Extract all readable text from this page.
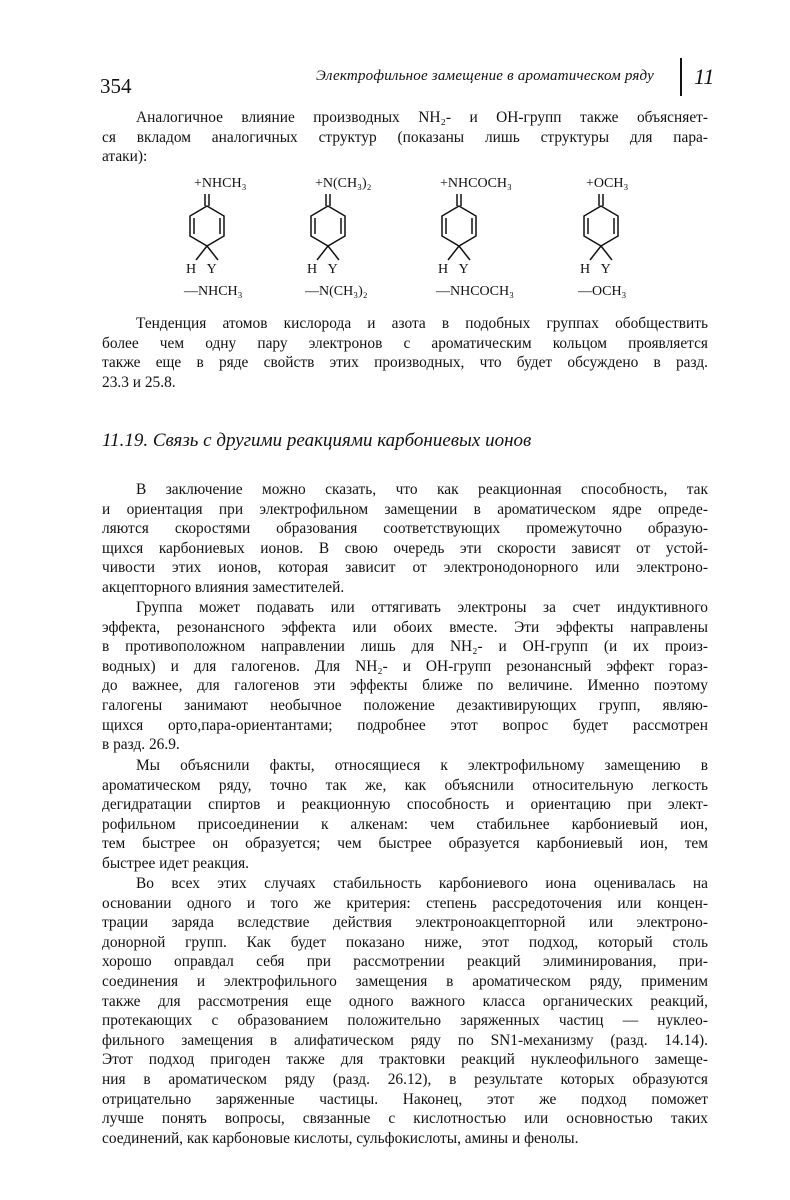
354	Электрофильное замещение в ароматическом ряду 11

Аналогичное влияние производных NH₂- и OH-групп также объясняет-
ся вкладом аналогичных структур (показаны лишь структуры для пара-
атаки):

+NHCH₃
H Y
—NHCH₃
+N(CH₃)₂
H Y
—N(CH₃)₂
+NHCOCH₃
H Y
—NHCOCH₃
+OCH₃
H Y
—OCH₃

Тенденция атомов кислорода и азота в подобных группах обобществить
более чем одну пару электронов с ароматическим кольцом проявляется
также еще в ряде свойств этих производных, что будет обсуждено в разд.
23.3 и 25.8.

11.19. Связь с другими реакциями карбониевых ионов

В заключение можно сказать, что как реакционная способность, так
и ориентация при электрофильном замещении в ароматическом ядре опреде-
ляются скоростями образования соответствующих промежуточно образую-
щихся карбониевых ионов. В свою очередь эти скорости зависят от устой-
чивости этих ионов, которая зависит от электронодонорного или электроно-
акцепторного влияния заместителей.

Группа может подавать или оттягивать электроны за счет индуктивного
эффекта, резонансного эффекта или обоих вместе. Эти эффекты направлены
в противоположном направлении лишь для NH₂- и OH-групп (и их произ-
водных) и для галогенов. Для NH₂- и OH-групп резонансный эффект гораз-
до важнее, для галогенов эти эффекты ближе по величине. Именно поэтому
галогены занимают необычное положение дезактивирующих групп, являю-
щихся орто,пара-ориентантами; подробнее этот вопрос будет рассмотрен
в разд. 26.9.

Мы объяснили факты, относящиеся к электрофильному замещению в
ароматическом ряду, точно так же, как объяснили относительную легкость
дегидратации спиртов и реакционную способность и ориентацию при элект-
рофильном присоединении к алкенам: чем стабильнее карбониевый ион,
тем быстрее он образуется; чем быстрее образуется карбониевый ион, тем
быстрее идет реакция.

Во всех этих случаях стабильность карбониевого иона оценивалась на
основании одного и того же критерия: степень рассредоточения или концен-
трации заряда вследствие действия электроноакцепторной или электроно-
донорной групп. Как будет показано ниже, этот подход, который столь
хорошо оправдал себя при рассмотрении реакций элиминирования, при-
соединения и электрофильного замещения в ароматическом ряду, применим
также для рассмотрения еще одного важного класса органических реакций,
протекающих с образованием положительно заряженных частиц — нуклео-
фильного замещения в алифатическом ряду по SN1-механизму (разд. 14.14).
Этот подход пригоден также для трактовки реакций нуклеофильного замеще-
ния в ароматическом ряду (разд. 26.12), в результате которых образуются
отрицательно заряженные частицы. Наконец, этот же подход поможет
лучше понять вопросы, связанные с кислотностью или основностью таких
соединений, как карбоновые кислоты, сульфокислоты, амины и фенолы.
